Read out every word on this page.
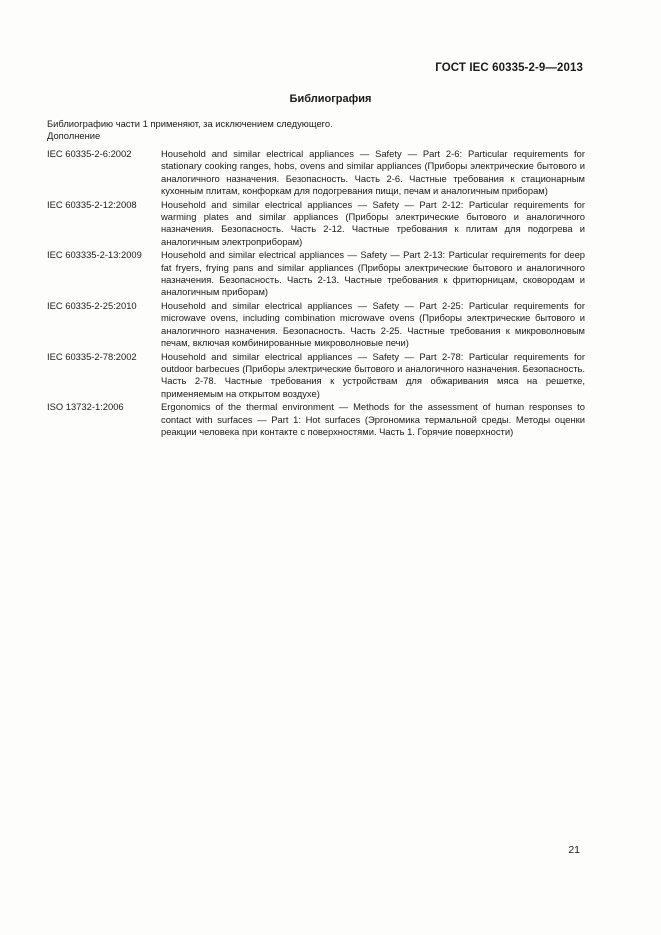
ГОСТ IEC 60335-2-9—2013
Библиография
Библиографию части 1 применяют, за исключением следующего.
Дополнение
IEC 60335-2-6:2002	Household and similar electrical appliances — Safety — Part 2-6: Particular requirements for stationary cooking ranges, hobs, ovens and similar appliances (Приборы электрические бытового и аналогичного назначения. Безопасность. Часть 2-6. Частные требования к стационарным кухонным плитам, конфоркам для подогревания пищи, печам и аналогичным приборам)
IEC 60335-2-12:2008	Household and similar electrical appliances — Safety — Part 2-12: Particular requirements for warming plates and similar appliances (Приборы электрические бытового и аналогичного назначения. Безопасность. Часть 2-12. Частные требования к плитам для подогрева и аналогичным электроприборам)
IEC 603335-2-13:2009	Household and similar electrical appliances — Safety — Part 2-13: Particular requirements for deep fat fryers, frying pans and similar appliances (Приборы электрические бытового и аналогичного назначения. Безопасность. Часть 2-13. Частные требования к фритюрницам, сковородам и аналогичным приборам)
IEC 60335-2-25:2010	Household and similar electrical appliances — Safety — Part 2-25: Particular requirements for microwave ovens, including combination microwave ovens (Приборы электрические бытового и аналогичного назначения. Безопасность. Часть 2-25. Частные требования к микроволновым печам, включая комбинированные микроволновые печи)
IEC 60335-2-78:2002	Household and similar electrical appliances — Safety — Part 2-78: Particular requirements for outdoor barbecues (Приборы электрические бытового и аналогичного назначения. Безопасность. Часть 2-78. Частные требования к устройствам для обжаривания мяса на решетке, применяемым на открытом воздухе)
ISO 13732-1:2006	Ergonomics of the thermal environment — Methods for the assessment of human responses to contact with surfaces — Part 1: Hot surfaces (Эргономика термальной среды. Методы оценки реакции человека при контакте с поверхностями. Часть 1. Горячие поверхности)
21
